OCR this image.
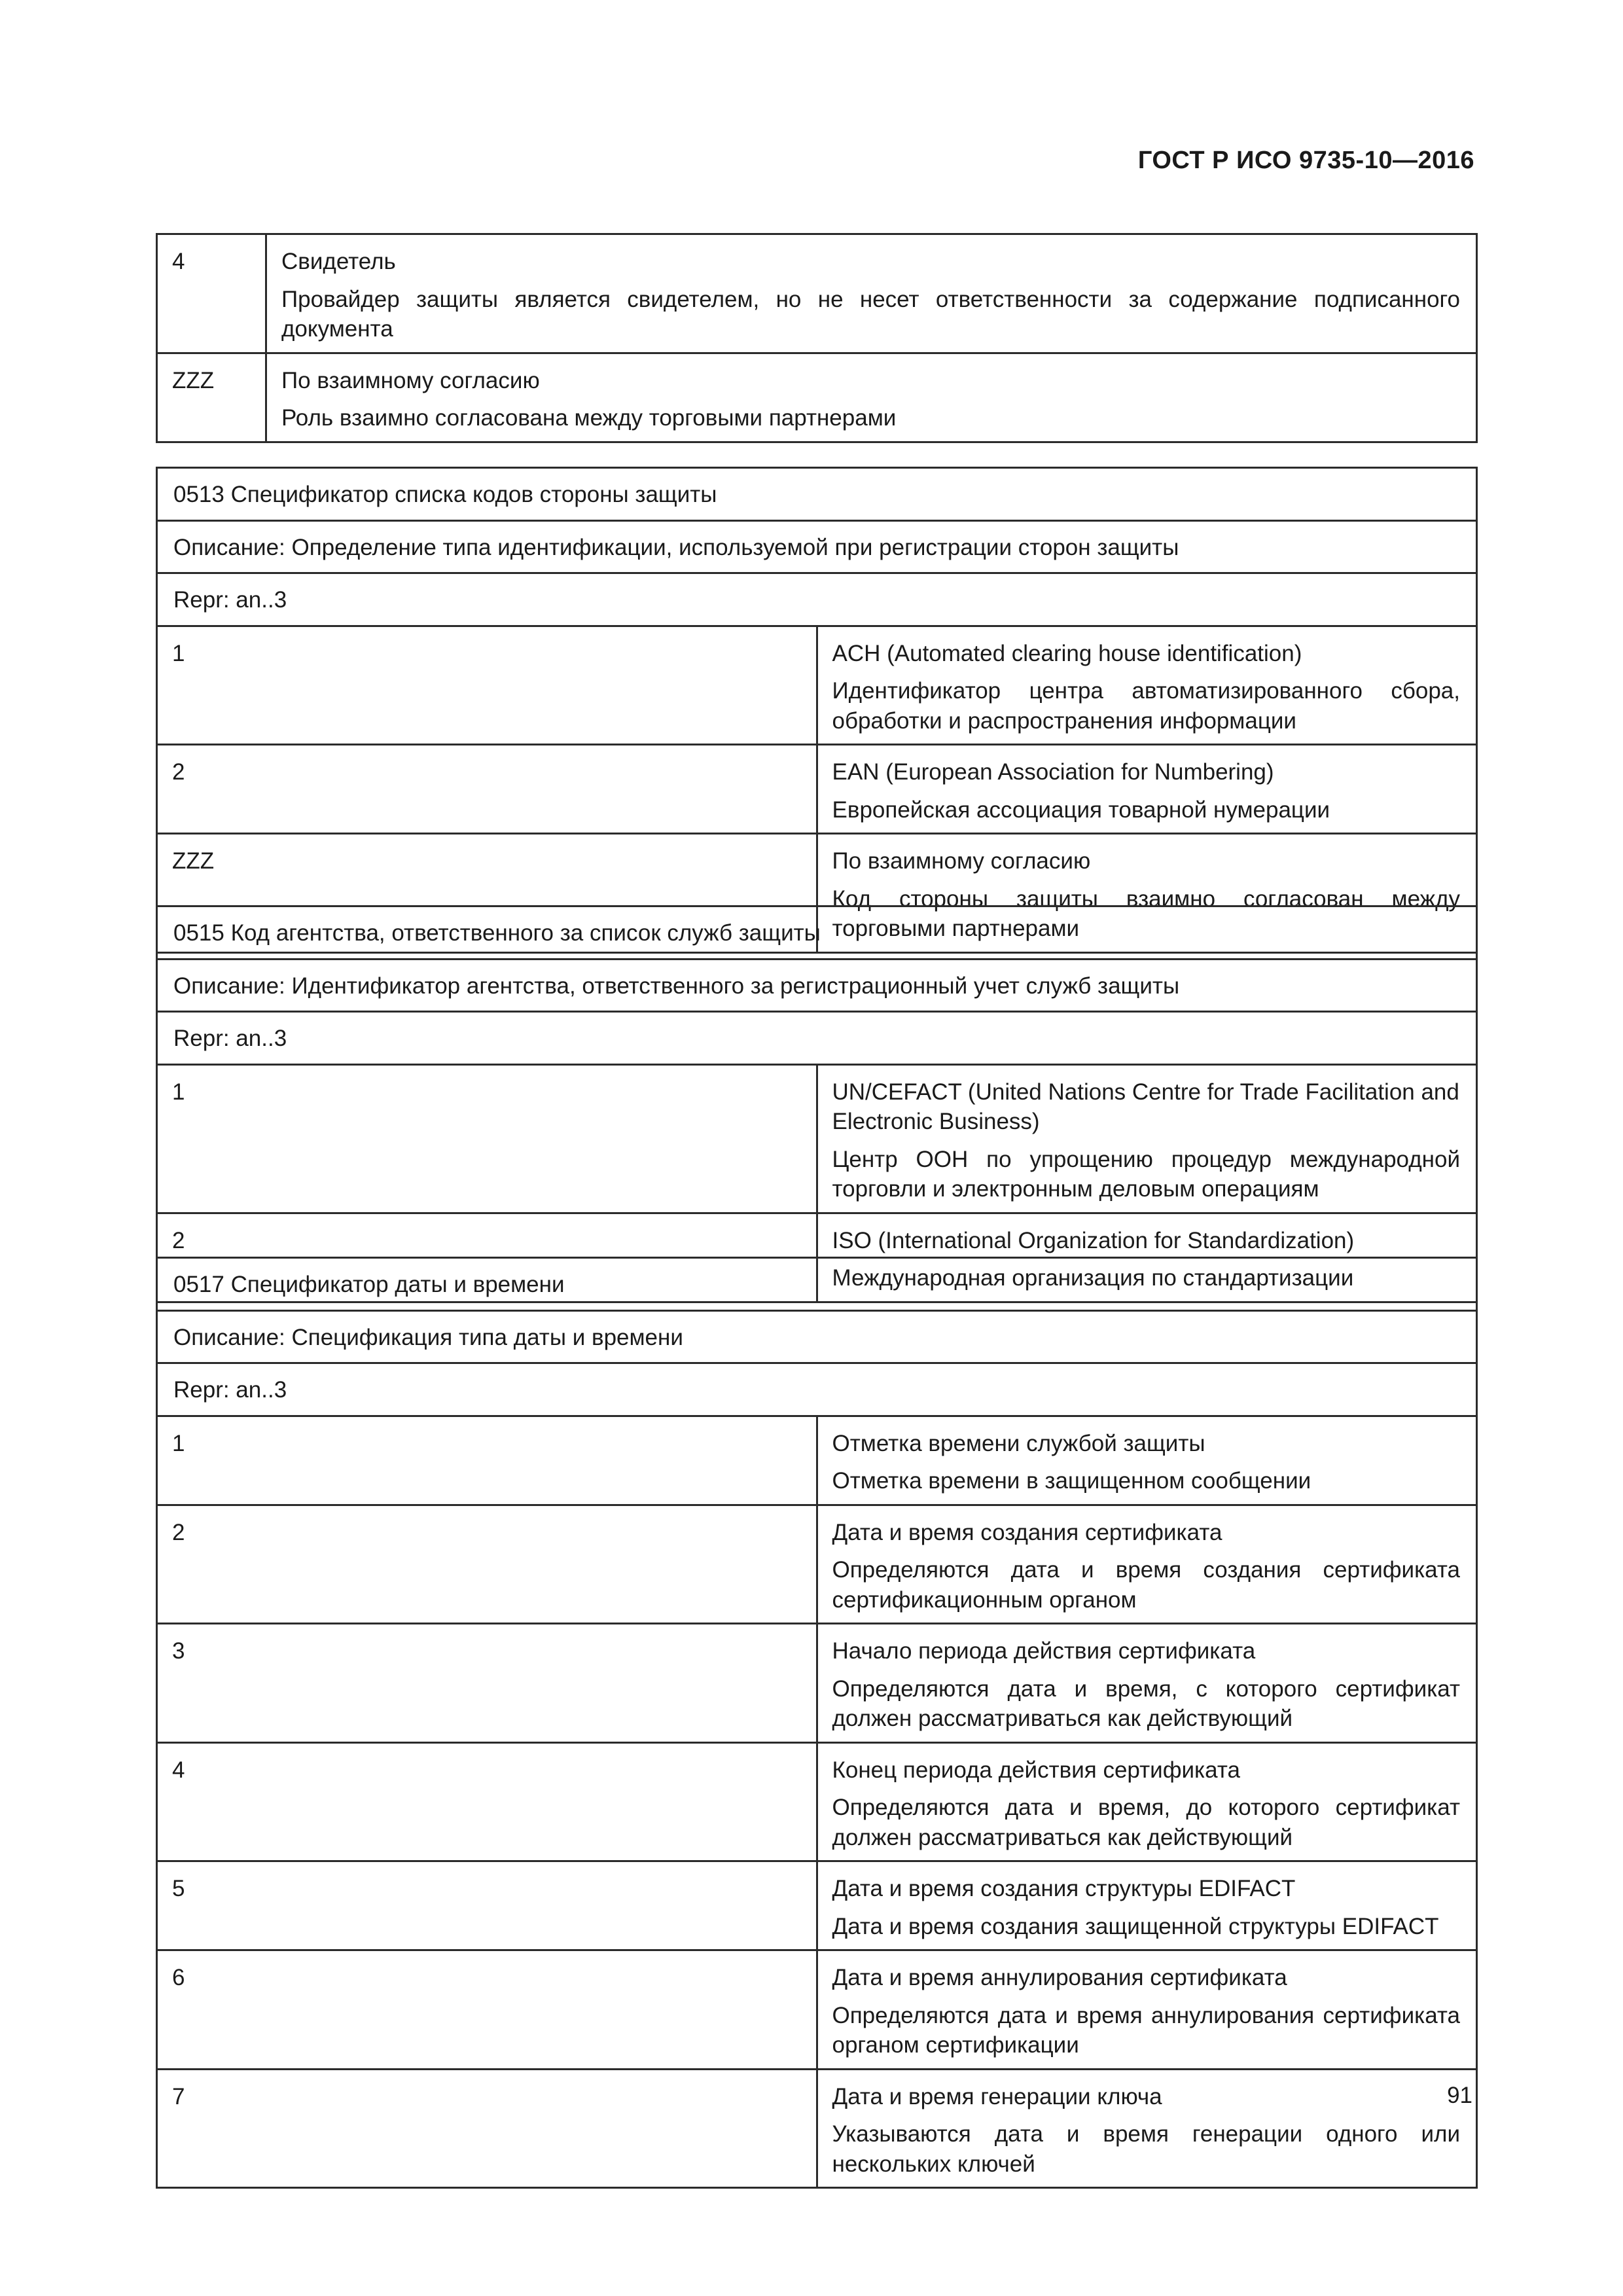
ГОСТ Р ИСО 9735-10—2016
4	Свидетель
Провайдер защиты является свидетелем, но не несет ответственности за содержание подписанного документа

ZZZ	По взаимному согласию
Роль взаимно согласована между торговыми партнерами
0513 Спецификатор списка кодов стороны защиты	
Описание: Определение типа идентификации, используемой при регистрации сторон защиты	
Repr: an..3	
1	ACH (Automated clearing house identification)
Идентификатор центра автоматизированного сбора, обработки и распространения информации

2	EAN (European Association for Numbering)
Европейская ассоциация товарной нумерации

ZZZ	По взаимному согласию
Код стороны защиты взаимно согласован между торговыми партнерами
0515 Код агентства, ответственного за список служб защиты	
Описание: Идентификатор агентства, ответственного за регистрационный учет служб защиты	
Repr: an..3	
1	UN/CEFACT (United Nations Centre for Trade Facilitation and Electronic Business)
Центр ООН по упрощению процедур международной торговли и электронным деловым операциям

2	ISO (International Organization for Standardization)
Международная организация по стандартизации
0517 Спецификатор даты и времени	
Описание: Спецификация типа даты и времени	
Repr: an..3	
1	Отметка времени службой защиты
Отметка времени в защищенном сообщении

2	Дата и время создания сертификата
Определяются дата и время создания сертификата сертификационным органом

3	Начало периода действия сертификата
Определяются дата и время, с которого сертификат должен рассматриваться как действующий

4	Конец периода действия сертификата
Определяются дата и время, до которого сертификат должен рассматриваться как действующий

5	Дата и время создания структуры EDIFACT
Дата и время создания защищенной структуры EDIFACT

6	Дата и время аннулирования сертификата
Определяются дата и время аннулирования сертификата органом сертификации

7	Дата и время генерации ключа
Указываются дата и время генерации одного или нескольких ключей
91
